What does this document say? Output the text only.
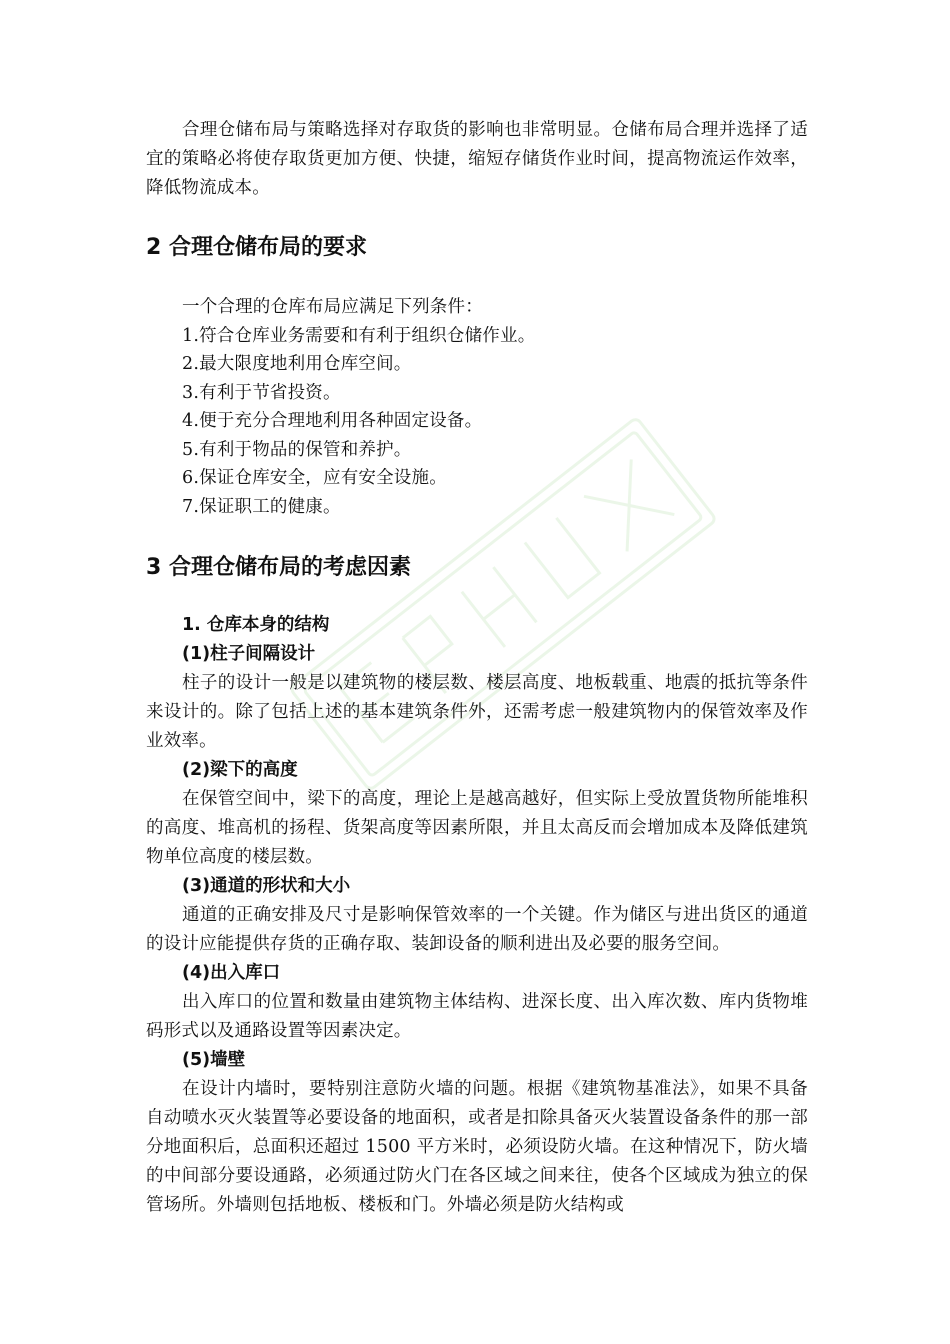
合理仓储布局与策略选择对存取货的影响也非常明显。仓储布局合理并选择了适宜的策略必将使存取货更加方便、快捷，缩短存储货作业时间，提高物流运作效率，降低物流成本。

2 合理仓储布局的要求

一个合理的仓库布局应满足下列条件：

1.符合仓库业务需要和有利于组织仓储作业。

2.最大限度地利用仓库空间。

3.有利于节省投资。

4.便于充分合理地利用各种固定设备。

5.有利于物品的保管和养护。

6.保证仓库安全，应有安全设施。

7.保证职工的健康。

3 合理仓储布局的考虑因素

1. 仓库本身的结构

(1)柱子间隔设计

柱子的设计一般是以建筑物的楼层数、楼层高度、地板载重、地震的抵抗等条件来设计的。除了包括上述的基本建筑条件外，还需考虑一般建筑物内的保管效率及作业效率。

(2)梁下的高度

在保管空间中，梁下的高度，理论上是越高越好，但实际上受放置货物所能堆积的高度、堆高机的扬程、货架高度等因素所限，并且太高反而会增加成本及降低建筑物单位高度的楼层数。

(3)通道的形状和大小

通道的正确安排及尺寸是影响保管效率的一个关键。作为储区与进出货区的通道的设计应能提供存货的正确存取、装卸设备的顺利进出及必要的服务空间。

(4)出入库口

出入库口的位置和数量由建筑物主体结构、进深长度、出入库次数、库内货物堆码形式以及通路设置等因素决定。

(5)墙壁

在设计内墙时，要特别注意防火墙的问题。根据《建筑物基准法》，如果不具备自动喷水灭火装置等必要设备的地面积，或者是扣除具备灭火装置设备条件的那一部分地面积后，总面积还超过 1500 平方米时，必须设防火墙。在这种情况下，防火墙的中间部分要设通路，必须通过防火门在各区域之间来往，使各个区域成为独立的保管场所。外墙则包括地板、楼板和门。外墙必须是防火结构或
